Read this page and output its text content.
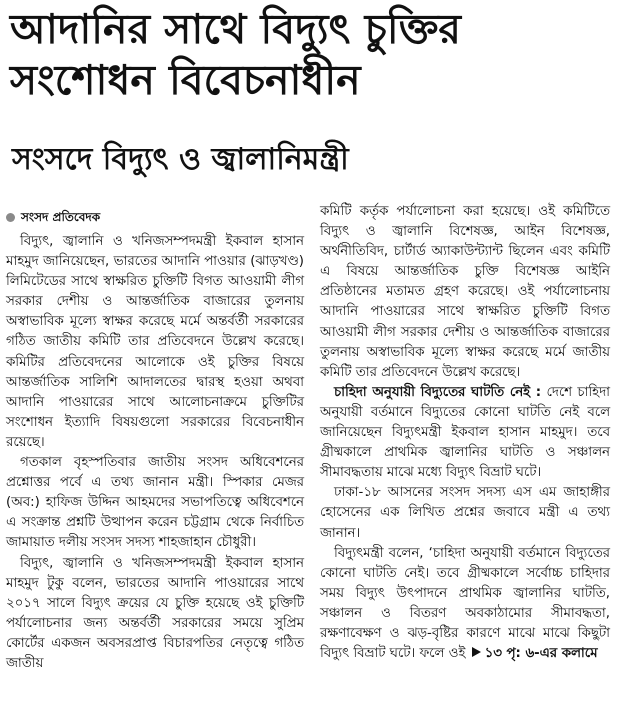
আদানির সাথে বিদ্যুৎ চুক্তির
সংশোধন বিবেচনাধীন
সংসদে বিদ্যুৎ ও জ্বালানিমন্ত্রী

সংসদ প্রতিবেদক

বিদ্যুৎ, জ্বালানি ও খনিজসম্পদমন্ত্রী ইকবাল হাসান মাহমুদ জানিয়েছেন, ভারতের আদানি পাওয়ার (ঝাড়খণ্ড) লিমিটেডের সাথে স্বাক্ষরিত চুক্তিটি বিগত আওয়ামী লীগ সরকার দেশীয় ও আন্তর্জাতিক বাজারের তুলনায় অস্বাভাবিক মূল্যে স্বাক্ষর করেছে মর্মে অন্তর্বর্তী সরকারের গঠিত জাতীয় কমিটি তার প্রতিবেদনে উল্লেখ করেছে। কমিটির প্রতিবেদনের আলোকে ওই চুক্তির বিষয়ে আন্তর্জাতিক সালিশি আদালতের দ্বারস্থ হওয়া অথবা আদানি পাওয়ারের সাথে আলোচনাক্রমে চুক্তিটির সংশোধন ইত্যাদি বিষয়গুলো সরকারের বিবেচনাধীন রয়েছে।

গতকাল বৃহস্পতিবার জাতীয় সংসদ অধিবেশনের প্রশ্নোত্তর পর্বে এ তথ্য জানান মন্ত্রী। স্পিকার মেজর (অব:) হাফিজ উদ্দিন আহমদের সভাপতিত্বে অধিবেশনে এ সংক্রান্ত প্রশ্নটি উত্থাপন করেন চট্টগ্রাম থেকে নির্বাচিত জামায়াত দলীয় সংসদ সদস্য শাহজাহান চৌধুরী।

বিদ্যুৎ, জ্বালানি ও খনিজসম্পদমন্ত্রী ইকবাল হাসান মাহমুদ টুকু বলেন, ভারতের আদানি পাওয়ারের সাথে ২০১৭ সালে বিদ্যুৎ ক্রয়ের যে চুক্তি হয়েছে ওই চুক্তিটি পর্যালোচনার জন্য অন্তর্বর্তী সরকারের সময়ে সুপ্রিম কোর্টের একজন অবসরপ্রাপ্ত বিচারপতির নেতৃত্বে গঠিত জাতীয়

কমিটি কর্তৃক পর্যালোচনা করা হয়েছে। ওই কমিটিতে বিদ্যুৎ ও জ্বালানি বিশেষজ্ঞ, আইন বিশেষজ্ঞ, অর্থনীতিবিদ, চার্টার্ড অ্যাকাউন্ট্যান্ট ছিলেন এবং কমিটি এ বিষয়ে আন্তর্জাতিক চুক্তি বিশেষজ্ঞ আইনি প্রতিষ্ঠানের মতামত গ্রহণ করেছে। ওই পর্যালোচনায় আদানি পাওয়ারের সাথে স্বাক্ষরিত চুক্তিটি বিগত আওয়ামী লীগ সরকার দেশীয় ও আন্তর্জাতিক বাজারের তুলনায় অস্বাভাবিক মূল্যে স্বাক্ষর করেছে মর্মে জাতীয় কমিটি তার প্রতিবেদনে উল্লেখ করেছে।

চাহিদা অনুযায়ী বিদ্যুতের ঘাটতি নেই : দেশে চাহিদা অনুযায়ী বর্তমানে বিদ্যুতের কোনো ঘাটতি নেই বলে জানিয়েছেন বিদ্যুৎমন্ত্রী ইকবাল হাসান মাহমুদ। তবে গ্রীষ্মকালে প্রাথমিক জ্বালানির ঘাটতি ও সঞ্চালন সীমাবদ্ধতায় মাঝে মধ্যে বিদ্যুৎ বিভ্রাট ঘটে।

ঢাকা-১৮ আসনের সংসদ সদস্য এস এম জাহাঙ্গীর হোসেনের এক লিখিত প্রশ্নের জবাবে মন্ত্রী এ তথ্য জানান।

বিদ্যুৎমন্ত্রী বলেন, ‘চাহিদা অনুযায়ী বর্তমানে বিদ্যুতের কোনো ঘাটতি নেই। তবে গ্রীষ্মকালে সর্বোচ্চ চাহিদার সময় বিদ্যুৎ উৎপাদনে প্রাথমিক জ্বালানির ঘাটতি, সঞ্চালন ও বিতরণ অবকাঠামোর সীমাবদ্ধতা, রক্ষণাবেক্ষণ ও ঝড়-বৃষ্টির কারণে মাঝে মাঝে কিছুটা বিদ্যুৎ বিভ্রাট ঘটে। ফলে ওই ১৩ পৃ: ৬-এর কলামে
